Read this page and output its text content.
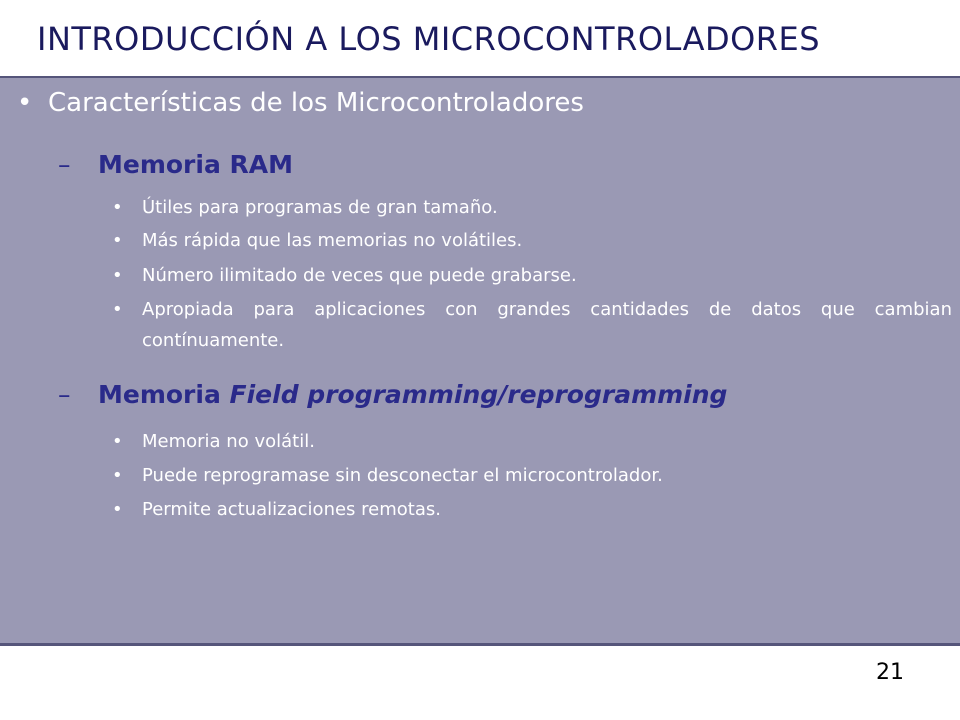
INTRODUCCIÓN A LOS MICROCONTROLADORES
• Características de los Microcontroladores
– Memoria RAM
• Útiles para programas de gran tamaño.
• Más rápida que las memorias no volátiles.
• Número ilimitado de veces que puede grabarse.
• Apropiada para aplicaciones con grandes cantidades de datos que cambian contínuamente.
– Memoria Field programming/reprogramming
• Memoria no volátil.
• Puede reprogramase sin desconectar el microcontrolador.
• Permite actualizaciones remotas.
21
